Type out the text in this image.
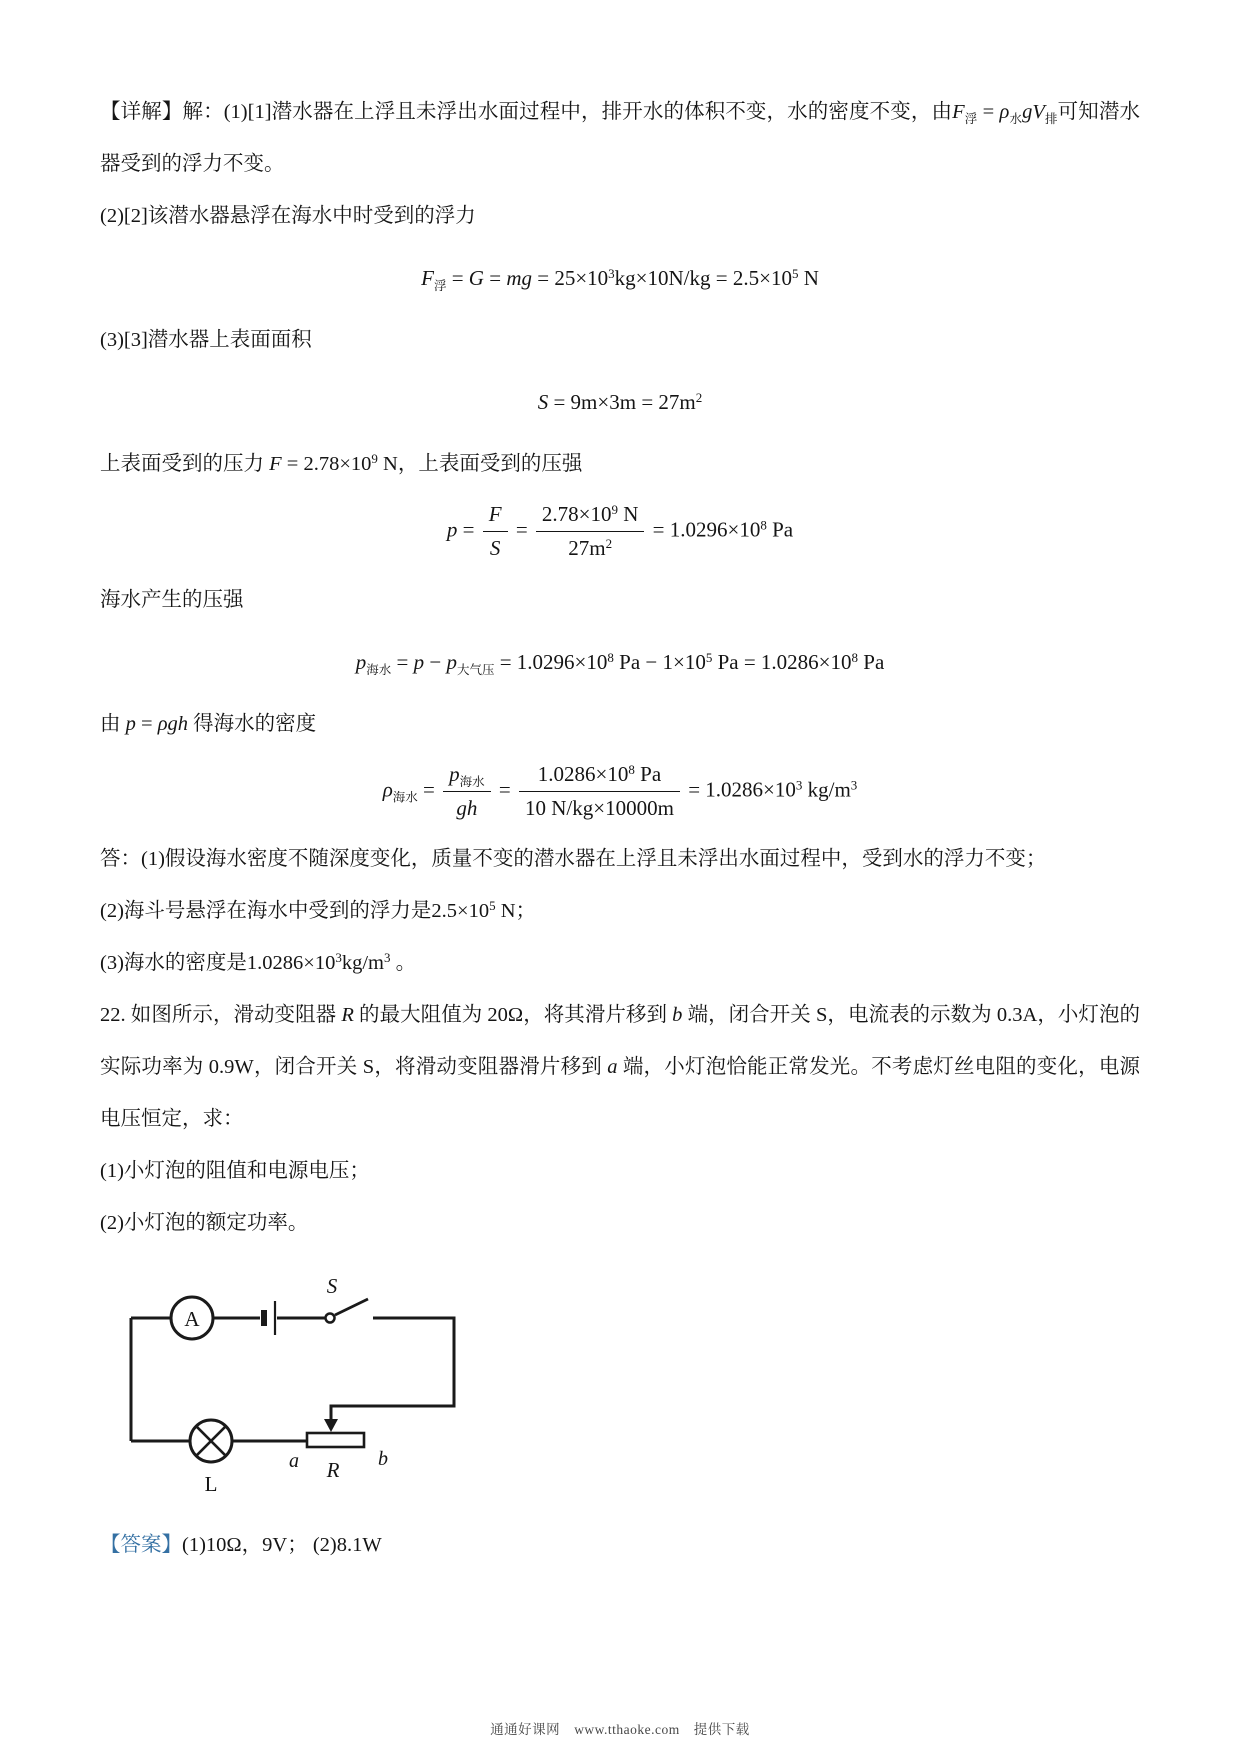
【详解】解：(1)[1]潜水器在上浮且未浮出水面过程中，排开水的体积不变，水的密度不变，由$F_浮 = \rho_水gV_排$可知潜水器受到的浮力不变。

(2)[2]该潜水器悬浮在海水中时受到的浮力

$F_浮 = G$ = mg = $25\times 10^3kg\times 10N/kg = 2.5\times 10^5$ N

(3)[3]潜水器上表面面积

$S = 9m\times 3m = 27m^2$

上表面受到的压力 $F = 2.78\times 10^9$ N，上表面受到的压强

$p = \frac{F}{S} = \frac{2.78\times 10^9 N}{27m^2} = 1.0296\times 10^8$ Pa

海水产生的压强

$p_{海水} = p - p_{大气压} = 1.0296\times 10^8$ $Pa - 1\times 10^5$ $Pa = 1.0286\times 10^8$ Pa

由 p = ρgh 得海水的密度

$\rho_{海水} = \frac{p_{海水}}{gh} = \frac{1.0286\times 10^8 Pa}{10 N/kg\times 10000m} = 1.0286\times 10^3$ $kg/m^3$

答：(1)假设海水密度不随深度变化，质量不变的潜水器在上浮且未浮出水面过程中，受到水的浮力不变；

(2)海斗号悬浮在海水中受到的浮力是$2.5\times 10^5$ N；

(3)海水的密度是$1.0286\times 10^3kg/m^3$ 。

22. 如图所示，滑动变阻器 R 的最大阻值为 20Ω，将其滑片移到 b 端，闭合开关 S，电流表的示数为 0.3A，小灯泡的实际功率为 0.9W，闭合开关 S，将滑动变阻器滑片移到 a 端，小灯泡恰能正常发光。不考虑灯丝电阻的变化，电源电压恒定，求：

(1)小灯泡的阻值和电源电压；

(2)小灯泡的额定功率。

A
S
a R b
L
【答案】(1)10Ω，9V； (2)8.1W
通通好课网 www.tthaoke.com 提供下载
